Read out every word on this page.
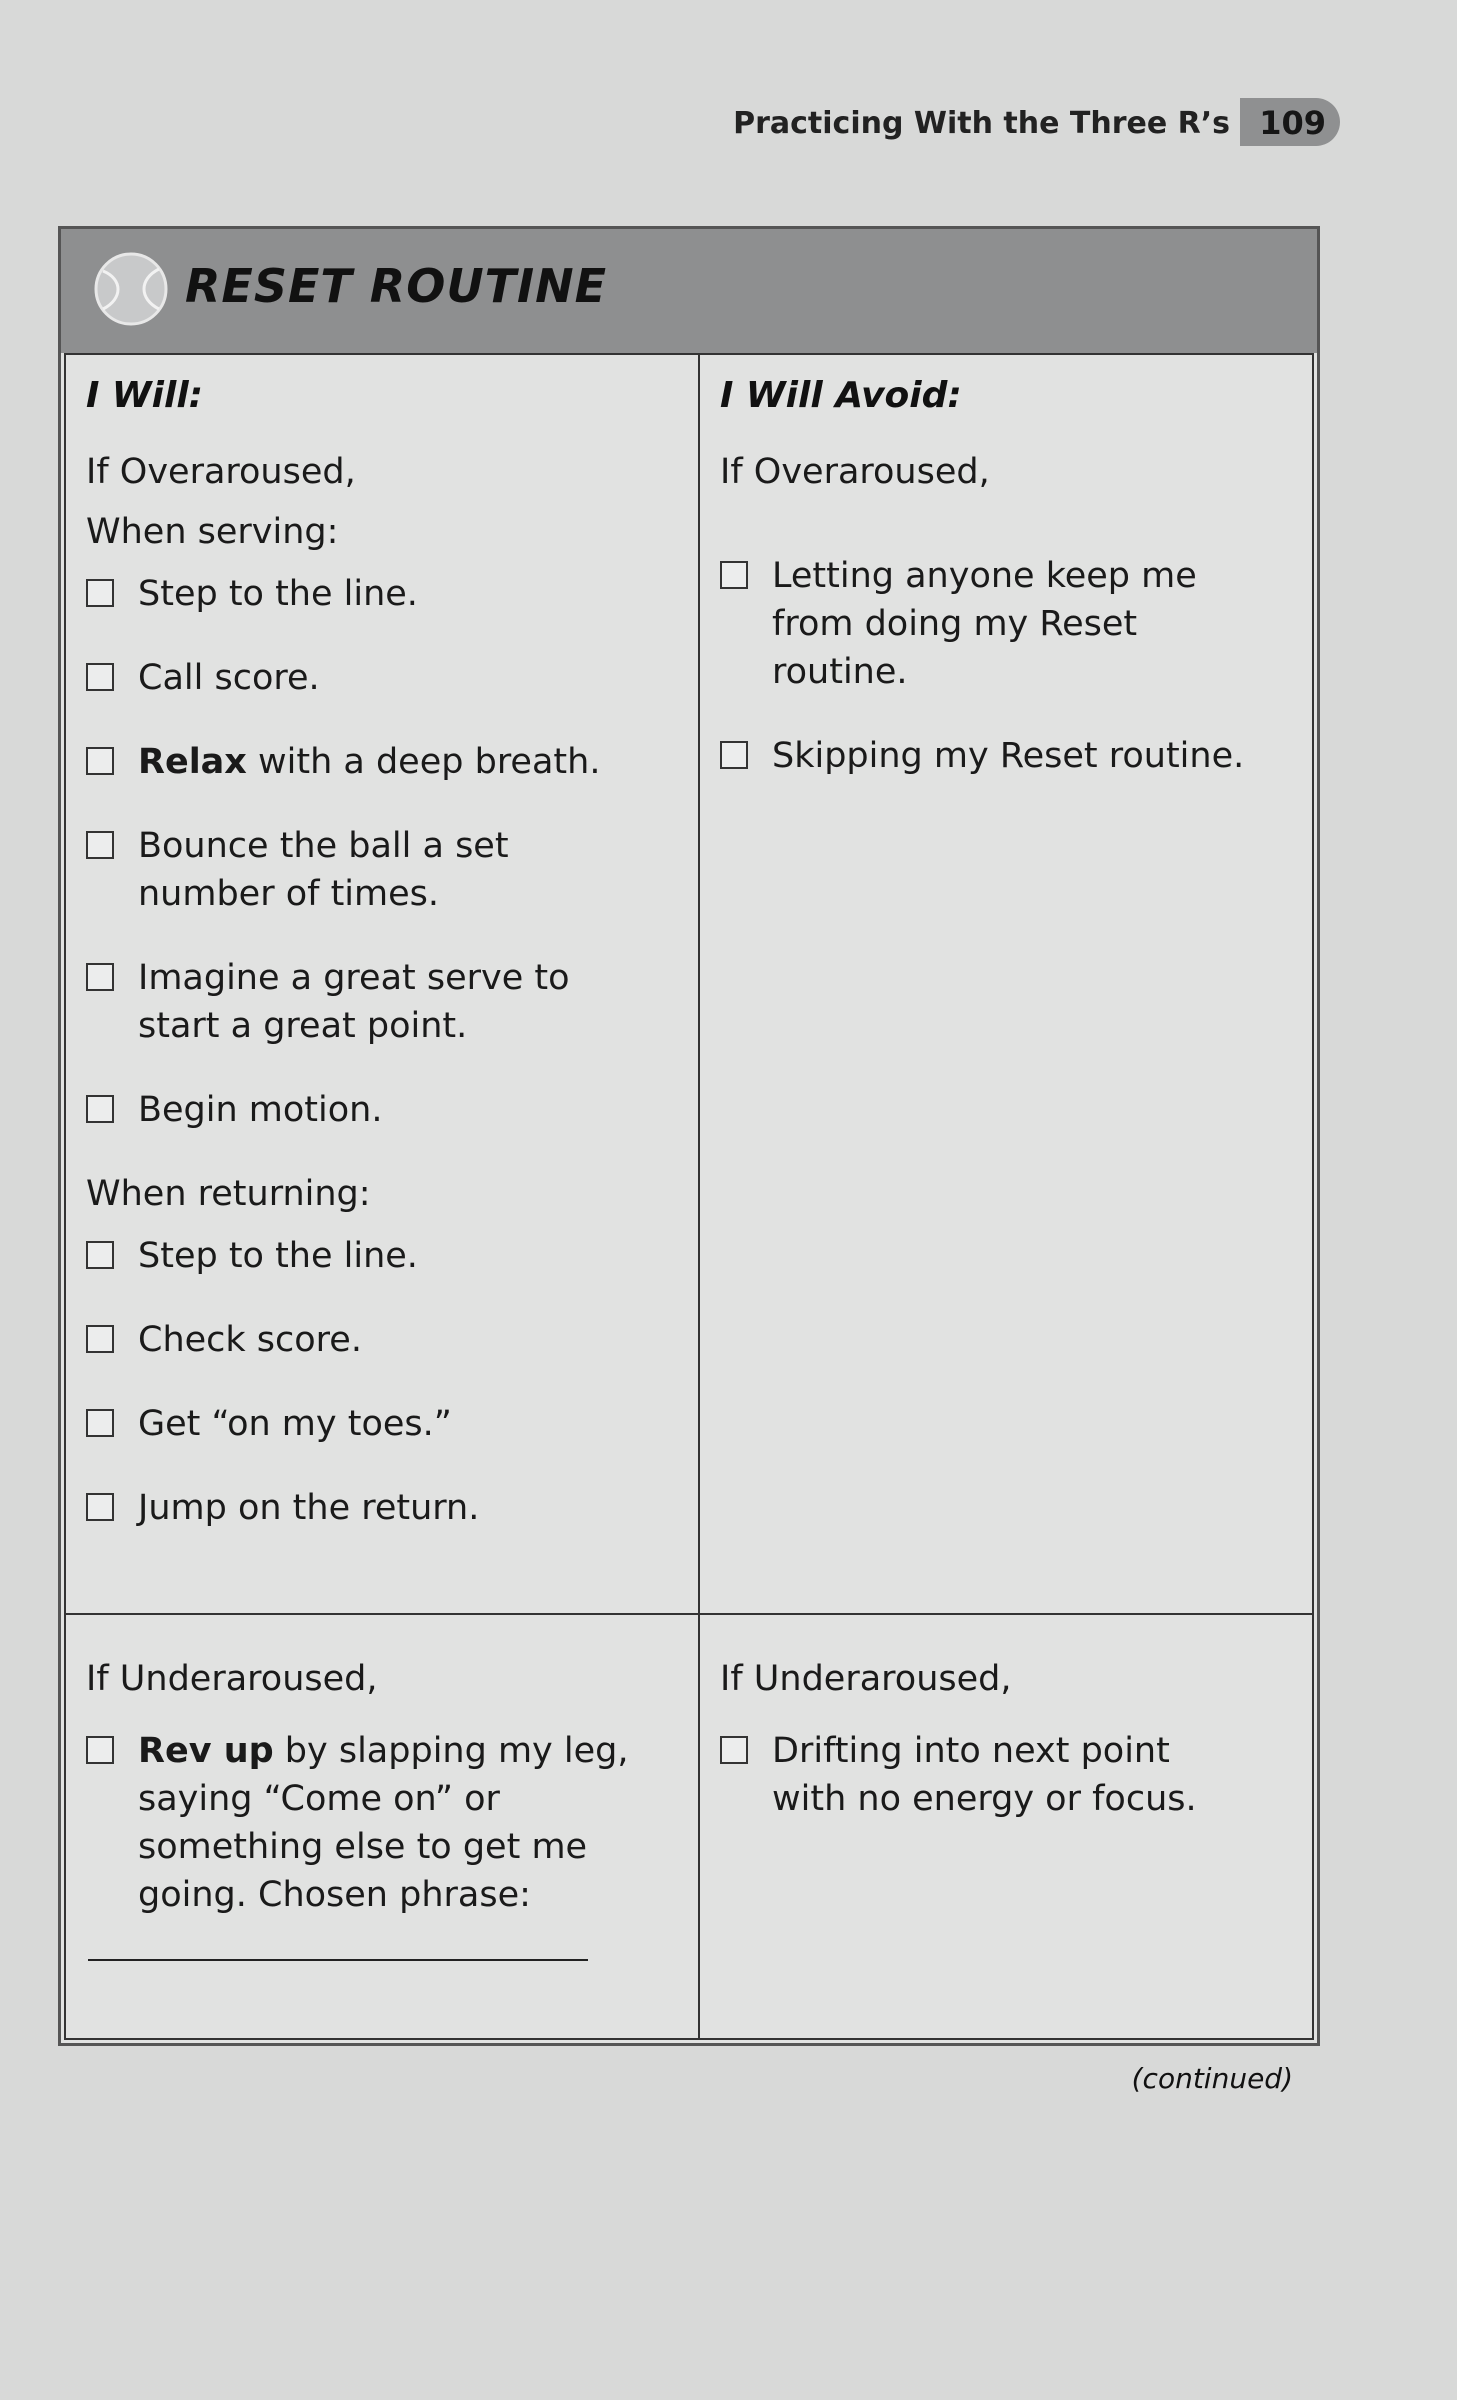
Practicing With the Three R’s 109
RESET ROUTINE
I Will:
If Overaroused,
When serving:
Step to the line.
Call score.
Relax with a deep breath.
Bounce the ball a set number of times.
Imagine a great serve to start a great point.
Begin motion.
When returning:
Step to the line.
Check score.
Get “on my toes.”
Jump on the return.
I Will Avoid:
If Overaroused,
Letting anyone keep me from doing my Reset routine.
Skipping my Reset routine.
If Underaroused,
Rev up by slapping my leg, saying “Come on” or something else to get me going. Chosen phrase:
If Underaroused,
Drifting into next point with no energy or focus.
(continued)
